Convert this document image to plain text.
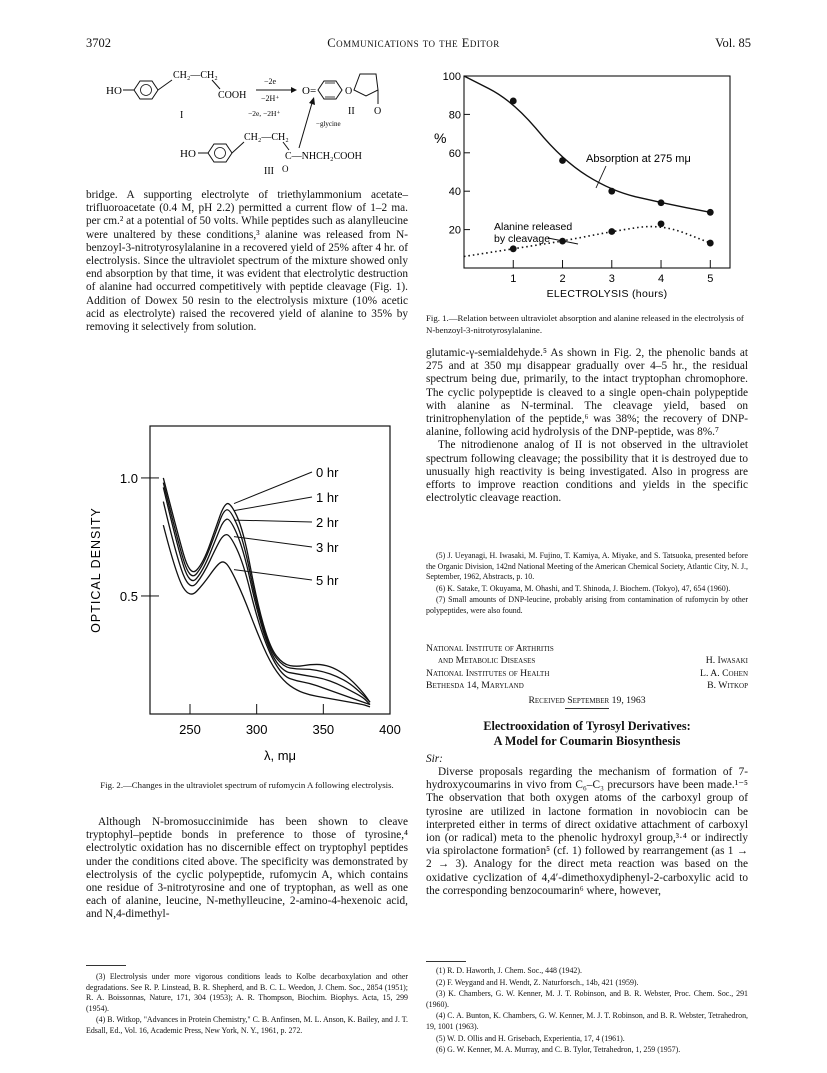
3702	Communications to the Editor	Vol. 85
HO
CH₂—CH₂
COOH
I
−2e
−2H⁺
−2e, −2H⁺
−glycine
O=	O
O
II
HO
CH₂—CH₂
C—NHCH₂COOH
O
III

bridge. A supporting electrolyte of triethylammonium acetate–trifluoroacetate (0.4 M, pH 2.2) permitted a current flow of 1–2 ma. per cm.² at a potential of 50 volts. While peptides such as alanylleucine were unaltered by these conditions,³ alanine was released from N-benzoyl-3-nitrotyrosylalanine in a recovered yield of 25% after 4 hr. of electrolysis. Since the ultraviolet spectrum of the mixture showed only end absorption by that time, it was evident that electrolytic destruction of alanine had occurred competitively with peptide cleavage (Fig. 1). Addition of Dowex 50 resin to the electrolysis mixture (10% acetic acid as electrolyte) raised the recovered yield of alanine to 35% by removing it selectively from solution.

0.5
1.0
250	300	350	400
λ, mμ
OPTICAL DENSITY
0 hr
1 hr
2 hr
3 hr
5 hr

Fig. 2.—Changes in the ultraviolet spectrum of rufomycin A following electrolysis.

Although N-bromosuccinimide has been shown to cleave tryptophyl–peptide bonds in preference to those of tyrosine,⁴ electrolytic oxidation has no discernible effect on tryptophyl peptides under the conditions cited above. The specificity was demonstrated by electrolysis of the cyclic polypeptide, rufomycin A, which contains one residue of 3-nitrotyrosine and one of tryptophan, as well as one each of alanine, leucine, N-methylleucine, 2-amino-4-hexenoic acid, and N,4-dimethyl-

(3) Electrolysis under more vigorous conditions leads to Kolbe decarboxylation and other degradations. See R. P. Linstead, B. R. Shepherd, and B. C. L. Weedon, J. Chem. Soc., 2854 (1951); R. A. Boissonnas, Nature, 171, 304 (1953); A. R. Thompson, Biochim. Biophys. Acta, 15, 299 (1954).

(4) B. Witkop, "Advances in Protein Chemistry," C. B. Anfinsen, M. L. Anson, K. Bailey, and J. T. Edsall, Ed., Vol. 16, Academic Press, New York, N. Y., 1961, p. 272.

20
40
60
80
100
1	2	3	4	5
ELECTROLYSIS (hours)
%
Absorption at 275 mμ
Alanine released
by cleavage

Fig. 1.—Relation between ultraviolet absorption and alanine released in the electrolysis of N-benzoyl-3-nitrotyrosylalanine.

glutamic-γ-semialdehyde.⁵ As shown in Fig. 2, the phenolic bands at 275 and at 350 mμ disappear gradually over 4–5 hr., the residual spectrum being due, primarily, to the intact tryptophan chromophore. The cyclic polypeptide is cleaved to a single open-chain polypeptide with alanine as N-terminal. The cleavage yield, based on trinitrophenylation of the peptide,⁶ was 38%; the recovery of DNP-alanine, following acid hydrolysis of the DNP-peptide, was 8%.⁷

The nitrodienone analog of II is not observed in the ultraviolet spectrum following cleavage; the possibility that it is destroyed due to unusually high reactivity is being investigated. Also in progress are efforts to improve reaction conditions and yields in the specific electrolytic cleavage reaction.

(5) J. Ueyanagi, H. Iwasaki, M. Fujino, T. Kamiya, A. Miyake, and S. Tatsuoka, presented before the Organic Division, 142nd National Meeting of the American Chemical Society, Atlantic City, N. J., September, 1962, Abstracts, p. 10.

(6) K. Satake, T. Okuyama, M. Ohashi, and T. Shinoda, J. Biochem. (Tokyo), 47, 654 (1960).

(7) Small amounts of DNP-leucine, probably arising from contamination of rufomycin by other polypeptides, were also found.

National Institute of Arthritis
and Metabolic Diseases	H. Iwasaki
National Institutes of Health	L. A. Cohen
Bethesda 14, Maryland	B. Witkop
Received September 19, 1963
Electrooxidation of Tyrosyl Derivatives:
A Model for Coumarin Biosynthesis

Sir:

Diverse proposals regarding the mechanism of formation of 7-hydroxycoumarins in vivo from C₆–C₃ precursors have been made.¹⁻⁵ The observation that both oxygen atoms of the carboxyl group of tyrosine are utilized in lactone formation in novobiocin can be interpreted either in terms of direct oxidative attachment of carboxyl ion (or radical) meta to the phenolic hydroxyl group,³·⁴ or indirectly via spirolactone formation⁵ (cf. 1) followed by rearrangement (as 1 → 2 → 3). Analogy for the direct meta reaction was based on the oxidative cyclization of 4,4′-dimethoxydiphenyl-2-carboxylic acid to the corresponding benzocoumarin⁶ where, however,

(1) R. D. Haworth, J. Chem. Soc., 448 (1942).

(2) F. Weygand and H. Wendt, Z. Naturforsch., 14b, 421 (1959).

(3) K. Chambers, G. W. Kenner, M. J. T. Robinson, and B. R. Webster, Proc. Chem. Soc., 291 (1960).

(4) C. A. Bunton, K. Chambers, G. W. Kenner, M. J. T. Robinson, and B. R. Webster, Tetrahedron, 19, 1001 (1963).

(5) W. D. Ollis and H. Grisebach, Experientia, 17, 4 (1961).

(6) G. W. Kenner, M. A. Murray, and C. B. Tylor, Tetrahedron, 1, 259 (1957).
